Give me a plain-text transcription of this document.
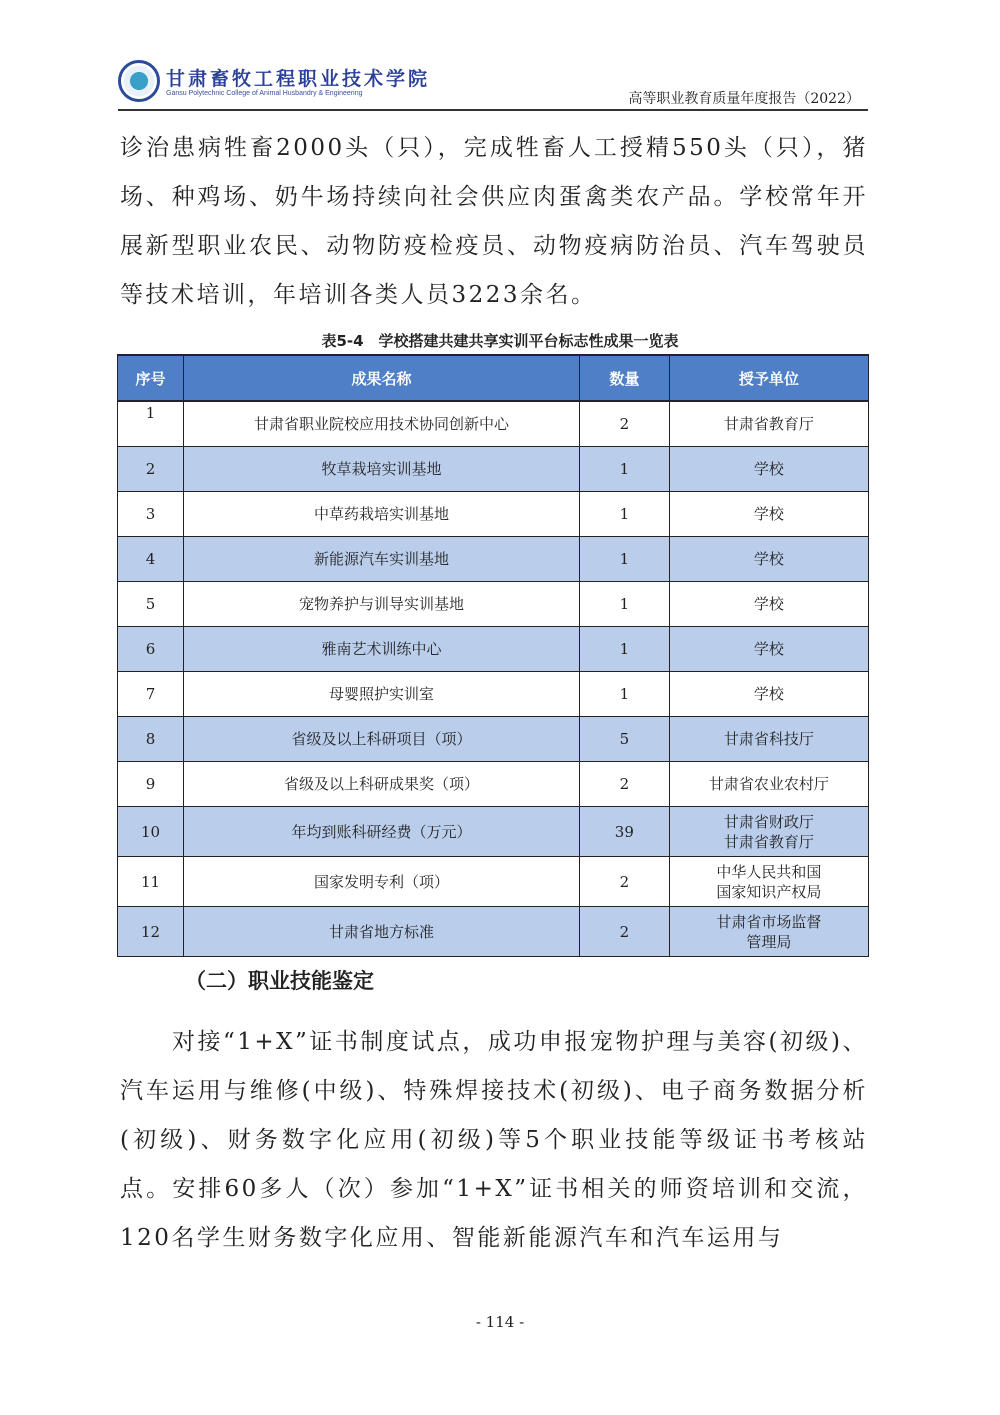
甘肃畜牧工程职业技术学院
Gansu Polytechnic College of Animal Husbandry & Engineering	高等职业教育质量年度报告（2022）
诊治患病牲畜2000头（只），完成牲畜人工授精550头（只），猪场、种鸡场、奶牛场持续向社会供应肉蛋禽类农产品。学校常年开展新型职业农民、动物防疫检疫员、动物疫病防治员、汽车驾驶员等技术培训，年培训各类人员3223余名。
表5-4　学校搭建共建共享实训平台标志性成果一览表
序号	成果名称	数量	授予单位
1	甘肃省职业院校应用技术协同创新中心	2	甘肃省教育厅
2	牧草栽培实训基地	1	学校
3	中草药栽培实训基地	1	学校
4	新能源汽车实训基地	1	学校
5	宠物养护与训导实训基地	1	学校
6	雅南艺术训练中心	1	学校
7	母婴照护实训室	1	学校
8	省级及以上科研项目（项）	5	甘肃省科技厅
9	省级及以上科研成果奖（项）	2	甘肃省农业农村厅
10	年均到账科研经费（万元）	39	甘肃省财政厅
甘肃省教育厅
11	国家发明专利（项）	2	中华人民共和国
国家知识产权局
12	甘肃省地方标准	2	甘肃省市场监督
管理局
（二）职业技能鉴定
对接“1+X”证书制度试点，成功申报宠物护理与美容(初级)、汽车运用与维修(中级)、特殊焊接技术(初级)、电子商务数据分析(初级)、财务数字化应用(初级)等5个职业技能等级证书考核站点。安排60多人（次）参加“1+X”证书相关的师资培训和交流，120名学生财务数字化应用、智能新能源汽车和汽车运用与
- 114 -
